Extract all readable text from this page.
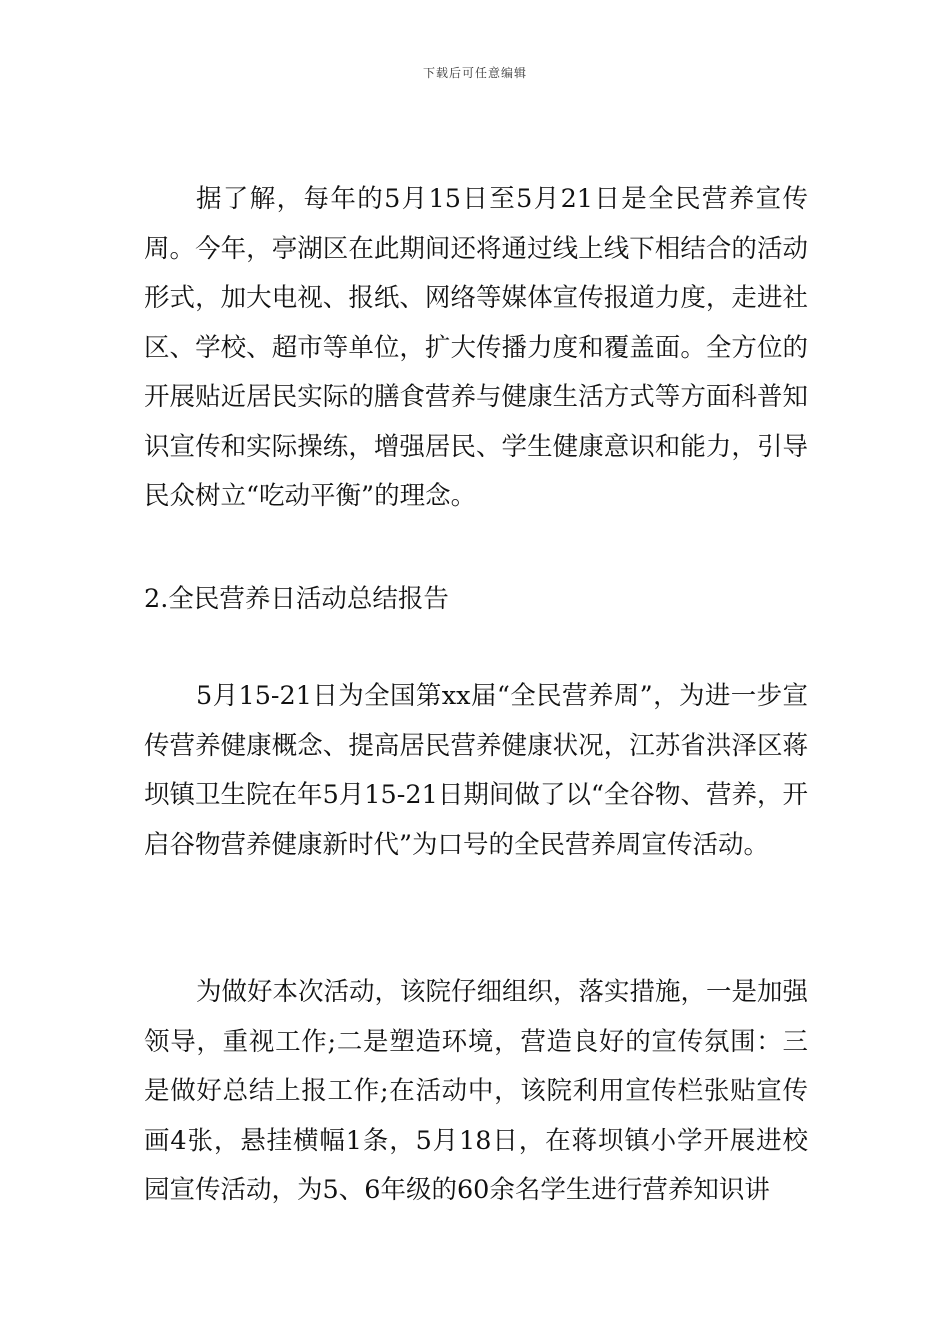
下载后可任意编辑

据了解，每年的5月15日至5月21日是全民营养宣传周。今年，亭湖区在此期间还将通过线上线下相结合的活动形式，加大电视、报纸、网络等媒体宣传报道力度，走进社区、学校、超市等单位，扩大传播力度和覆盖面。全方位的开展贴近居民实际的膳食营养与健康生活方式等方面科普知识宣传和实际操练，增强居民、学生健康意识和能力，引导民众树立“吃动平衡”的理念。

2.全民营养日活动总结报告

5月15-21日为全国第xx届“全民营养周”，为进一步宣传营养健康概念、提高居民营养健康状况，江苏省洪泽区蒋坝镇卫生院在年5月15-21日期间做了以“全谷物、营养，开启谷物营养健康新时代”为口号的全民营养周宣传活动。

为做好本次活动，该院仔细组织，落实措施，一是加强领导，重视工作;二是塑造环境，营造良好的宣传氛围：三是做好总结上报工作;在活动中，该院利用宣传栏张贴宣传画4张，悬挂横幅1条，5月18日，在蒋坝镇小学开展进校园宣传活动，为5、6年级的60余名学生进行营养知识讲
